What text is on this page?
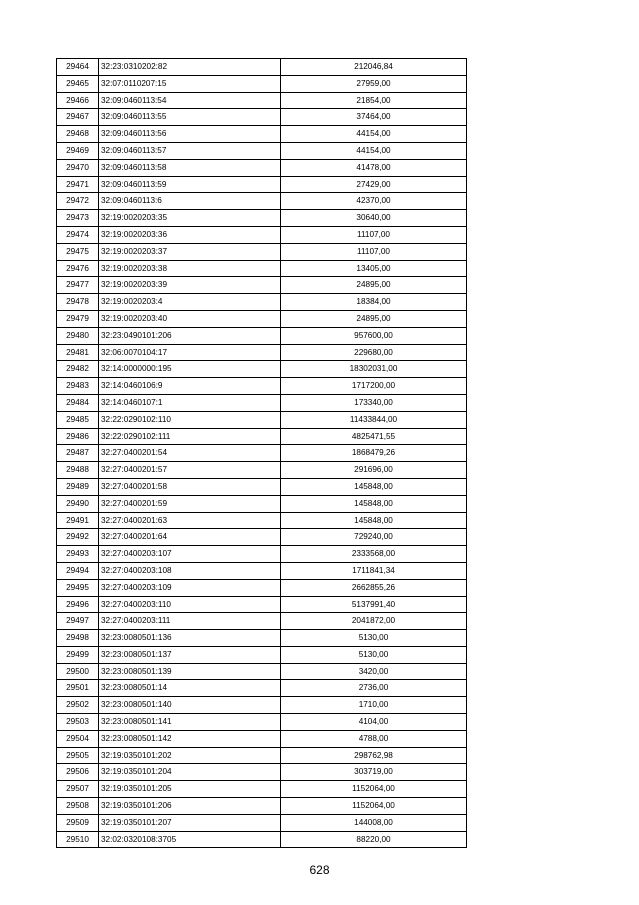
29464	32:23:0310202:82	212046,84
29465	32:07:0110207:15	27959,00
29466	32:09:0460113:54	21854,00
29467	32:09:0460113:55	37464,00
29468	32:09:0460113:56	44154,00
29469	32:09:0460113:57	44154,00
29470	32:09:0460113:58	41478,00
29471	32:09:0460113:59	27429,00
29472	32:09:0460113:6	42370,00
29473	32:19:0020203:35	30640,00
29474	32:19:0020203:36	11107,00
29475	32:19:0020203:37	11107,00
29476	32:19:0020203:38	13405,00
29477	32:19:0020203:39	24895,00
29478	32:19:0020203:4	18384,00
29479	32:19:0020203:40	24895,00
29480	32:23:0490101:206	957600,00
29481	32:06:0070104:17	229680,00
29482	32:14:0000000:195	18302031,00
29483	32:14:0460106:9	1717200,00
29484	32:14:0460107:1	173340,00
29485	32:22:0290102:110	11433844,00
29486	32:22:0290102:111	4825471,55
29487	32:27:0400201:54	1868479,26
29488	32:27:0400201:57	291696,00
29489	32:27:0400201:58	145848,00
29490	32:27:0400201:59	145848,00
29491	32:27:0400201:63	145848,00
29492	32:27:0400201:64	729240,00
29493	32:27:0400203:107	2333568,00
29494	32:27:0400203:108	1711841,34
29495	32:27:0400203:109	2662855,26
29496	32:27:0400203:110	5137991,40
29497	32:27:0400203:111	2041872,00
29498	32:23:0080501:136	5130,00
29499	32:23:0080501:137	5130,00
29500	32:23:0080501:139	3420,00
29501	32:23:0080501:14	2736,00
29502	32:23:0080501:140	1710,00
29503	32:23:0080501:141	4104,00
29504	32:23:0080501:142	4788,00
29505	32:19:0350101:202	298762,98
29506	32:19:0350101:204	303719,00
29507	32:19:0350101:205	1152064,00
29508	32:19:0350101:206	1152064,00
29509	32:19:0350101:207	144008,00
29510	32:02:0320108:3705	88220,00
628
